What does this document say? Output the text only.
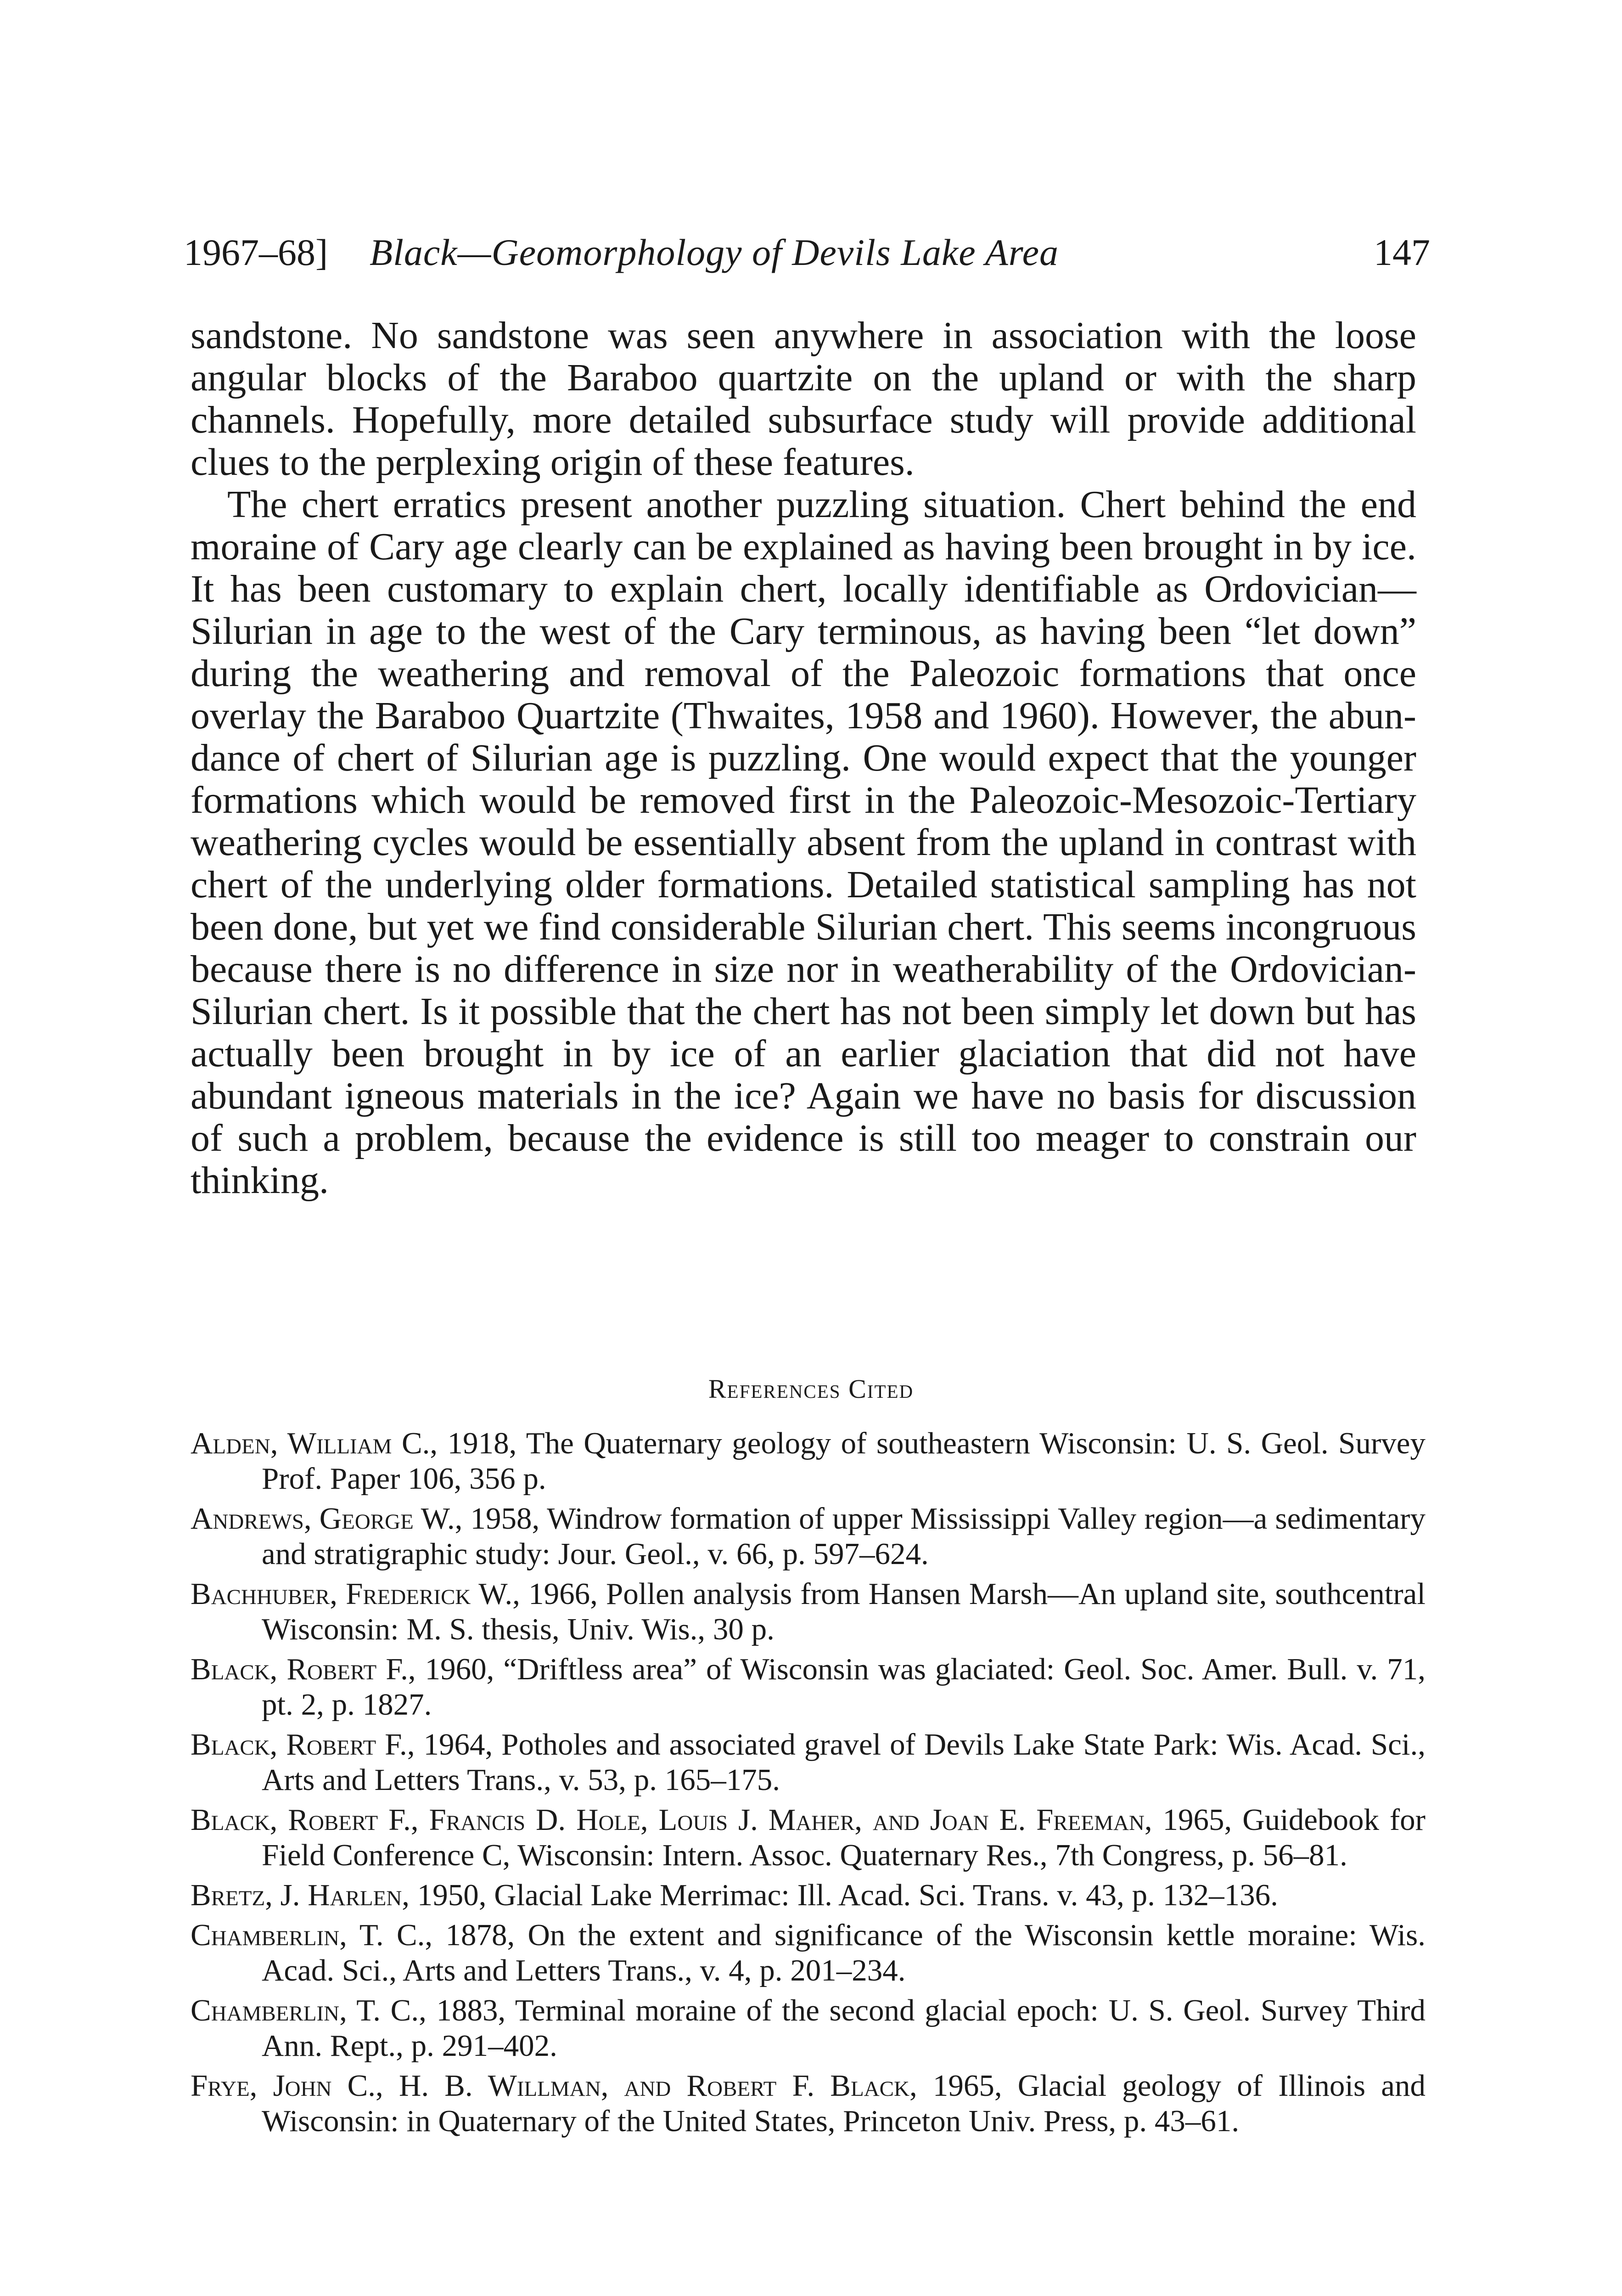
1967–68] Black—Geomorphology of Devils Lake Area	147

sandstone. No sandstone was seen anywhere in association with the loose angular blocks of the Baraboo quartzite on the upland or with the sharp channels. Hopefully, more detailed subsurface study will provide additional clues to the perplexing origin of these features.

The chert erratics present another puzzling situation. Chert behind the end moraine of Cary age clearly can be explained as having been brought in by ice. It has been customary to explain chert, locally identifiable as Ordovician—Silurian in age to the west of the Cary terminous, as having been “let down” during the weathering and removal of the Paleozoic formations that once overlay the Baraboo Quartzite (Thwaites, 1958 and 1960). However, the abundance of chert of Silurian age is puzzling. One would expect that the younger formations which would be removed first in the Paleozoic-Mesozoic-Tertiary weathering cycles would be essentially absent from the upland in contrast with chert of the underlying older formations. Detailed statistical sampling has not been done, but yet we find considerable Silurian chert. This seems incongruous because there is no difference in size nor in weatherability of the Ordovician-Silurian chert. Is it possible that the chert has not been simply let down but has actually been brought in by ice of an earlier glaciation that did not have abundant igneous materials in the ice? Again we have no basis for discussion of such a problem, because the evidence is still too meager to constrain our thinking.

References Cited

Alden, William C., 1918, The Quaternary geology of southeastern Wisconsin: U. S. Geol. Survey Prof. Paper 106, 356 p.

Andrews, George W., 1958, Windrow formation of upper Mississippi Valley region—a sedimentary and stratigraphic study: Jour. Geol., v. 66, p. 597–624.

Bachhuber, Frederick W., 1966, Pollen analysis from Hansen Marsh—An upland site, southcentral Wisconsin: M. S. thesis, Univ. Wis., 30 p.

Black, Robert F., 1960, “Driftless area” of Wisconsin was glaciated: Geol. Soc. Amer. Bull. v. 71, pt. 2, p. 1827.

Black, Robert F., 1964, Potholes and associated gravel of Devils Lake State Park: Wis. Acad. Sci., Arts and Letters Trans., v. 53, p. 165–175.

Black, Robert F., Francis D. Hole, Louis J. Maher, and Joan E. Freeman, 1965, Guidebook for Field Conference C, Wisconsin: Intern. Assoc. Quaternary Res., 7th Congress, p. 56–81.

Bretz, J. Harlen, 1950, Glacial Lake Merrimac: Ill. Acad. Sci. Trans. v. 43, p. 132–136.

Chamberlin, T. C., 1878, On the extent and significance of the Wisconsin kettle moraine: Wis. Acad. Sci., Arts and Letters Trans., v. 4, p. 201–234.

Chamberlin, T. C., 1883, Terminal moraine of the second glacial epoch: U. S. Geol. Survey Third Ann. Rept., p. 291–402.

Frye, John C., H. B. Willman, and Robert F. Black, 1965, Glacial geology of Illinois and Wisconsin: in Quaternary of the United States, Princeton Univ. Press, p. 43–61.
